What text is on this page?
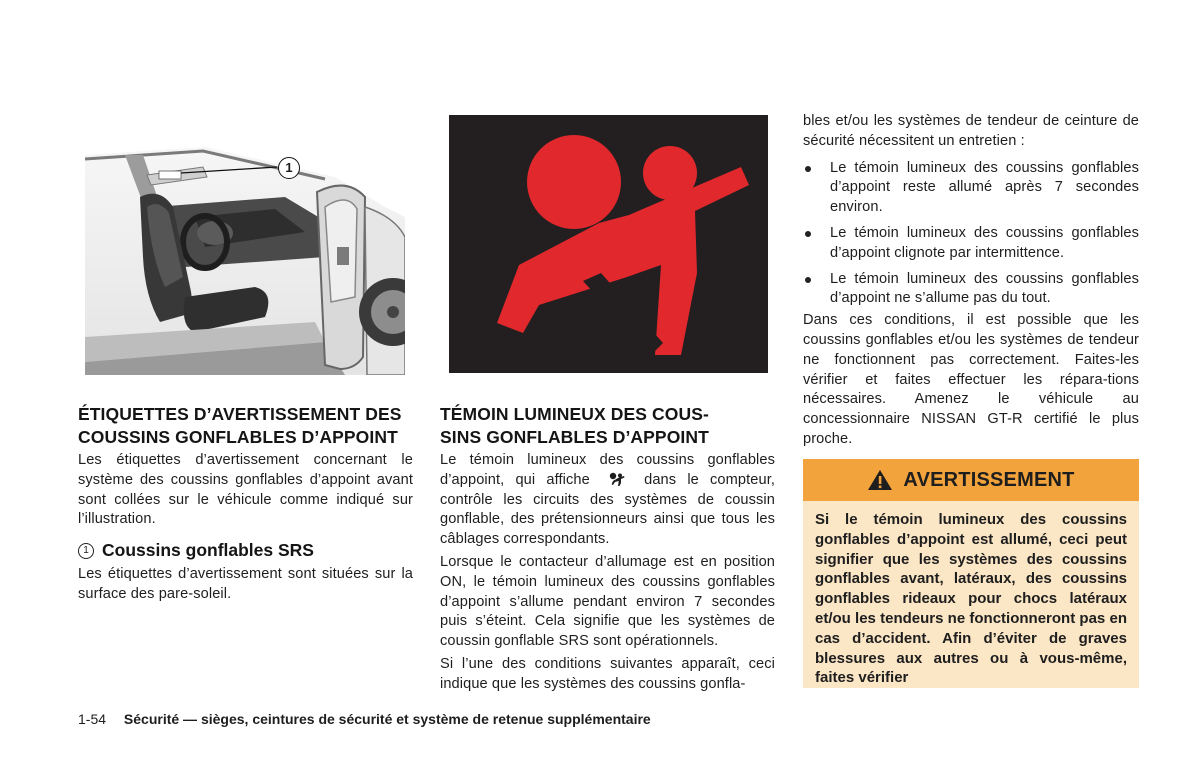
1
ÉTIQUETTES D’AVERTISSEMENT DES COUSSINS GONFLABLES D’APPOINT

Les étiquettes d’avertissement concernant le système des coussins gonflables d’appoint avant sont collées sur le véhicule comme indiqué sur l’illustration.

1 Coussins gonflables SRS

Les étiquettes d’avertissement sont situées sur la surface des pare-soleil.

TÉMOIN LUMINEUX DES COUS-SINS GONFLABLES D’APPOINT

Le témoin lumineux des coussins gonflables d’appoint, qui affiche	dans le compteur, contrôle les circuits des systèmes de coussin gonflable, des prétensionneurs ainsi que tous les câblages correspondants.

Lorsque le contacteur d’allumage est en position ON, le témoin lumineux des coussins gonflables d’appoint s’allume pendant environ 7 secondes puis s’éteint. Cela signifie que les systèmes de coussin gonflable SRS sont opérationnels.

Si l’une des conditions suivantes apparaît, ceci indique que les systèmes des coussins gonfla-

bles et/ou les systèmes de tendeur de ceinture de sécurité nécessitent un entretien :

Le témoin lumineux des coussins gonflables d’appoint reste allumé après 7 secondes environ.
Le témoin lumineux des coussins gonflables d’appoint clignote par intermittence.
Le témoin lumineux des coussins gonflables d’appoint ne s’allume pas du tout.

Dans ces conditions, il est possible que les coussins gonflables et/ou les systèmes de tendeur ne fonctionnent pas correctement. Faites-les vérifier et faites effectuer les répara-tions nécessaires. Amenez le véhicule au concessionnaire NISSAN GT-R certifié le plus proche.

AVERTISSEMENT

Si le témoin lumineux des coussins gonflables d’appoint est allumé, ceci peut signifier que les systèmes des coussins gonflables avant, latéraux, des coussins gonflables rideaux pour chocs latéraux et/ou les tendeurs ne fonctionneront pas en cas d’accident. Afin d’éviter de graves blessures aux autres ou à vous-même, faites vérifier

1-54 Sécurité — sièges, ceintures de sécurité et système de retenue supplémentaire
